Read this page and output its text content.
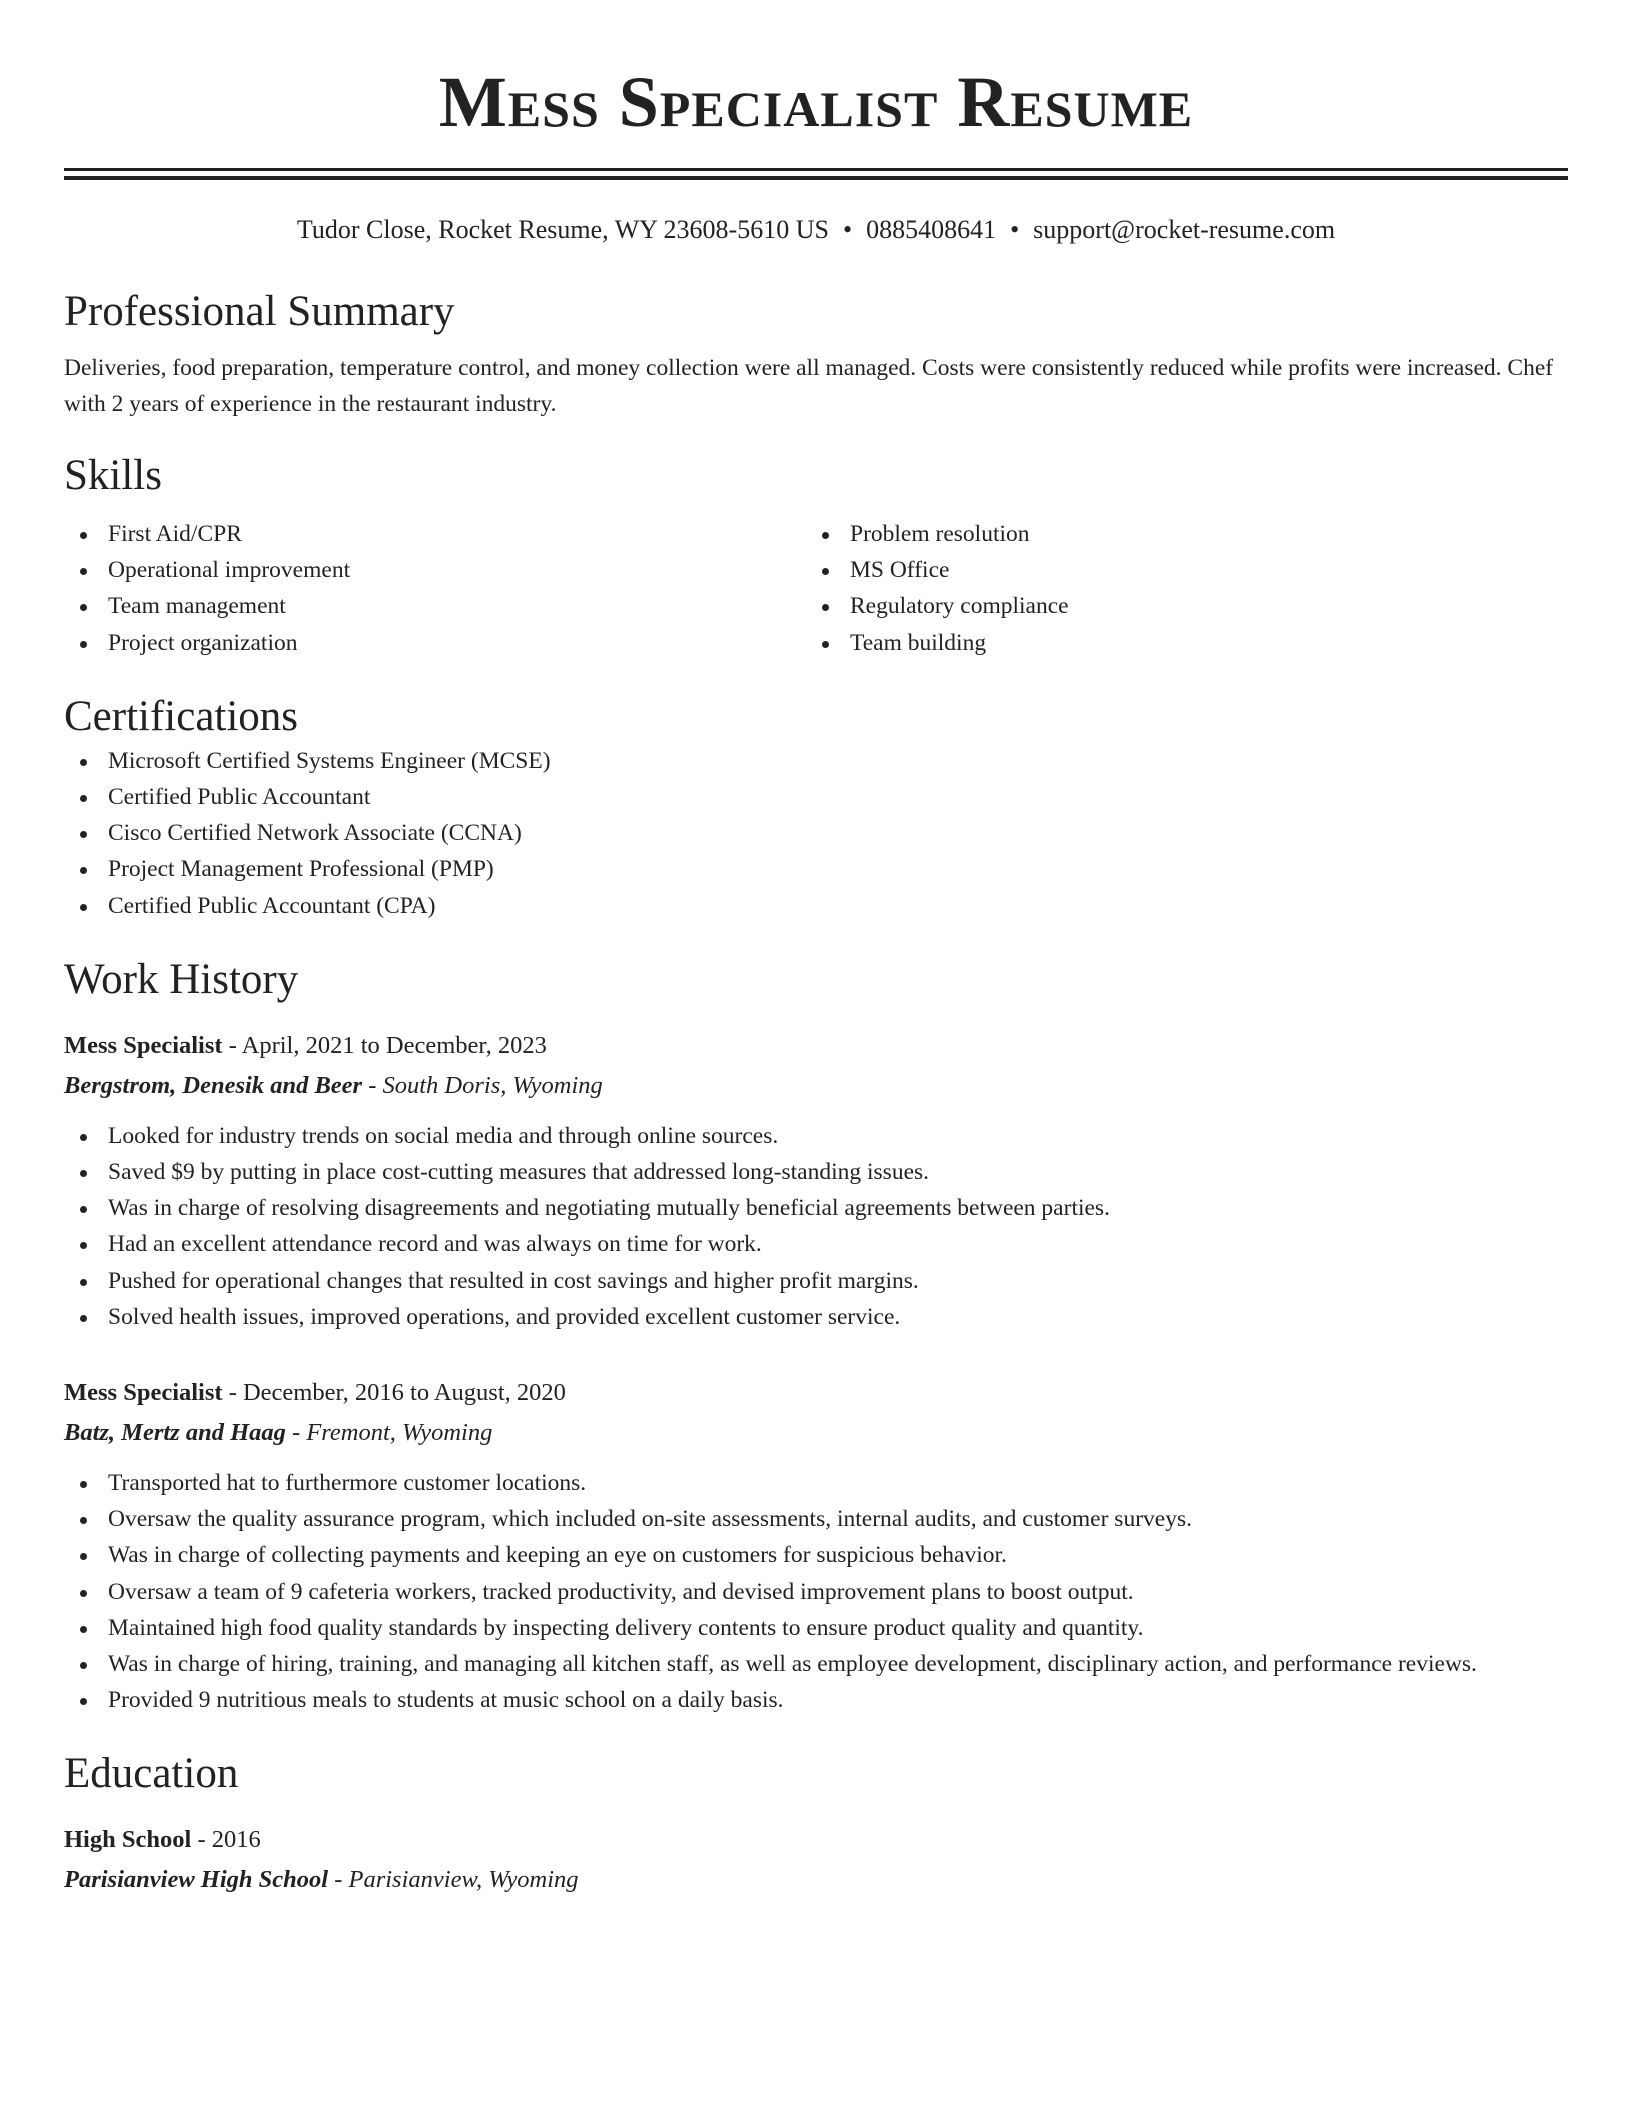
Mess Specialist Resume
Tudor Close, Rocket Resume, WY 23608-5610 US • 0885408641 • support@rocket-resume.com
Professional Summary

Deliveries, food preparation, temperature control, and money collection were all managed. Costs were consistently reduced while profits were increased. Chef with 2 years of experience in the restaurant industry.

Skills
First Aid/CPR
Operational improvement
Team management
Project organization
Problem resolution
MS Office
Regulatory compliance
Team building
Certifications
Microsoft Certified Systems Engineer (MCSE)
Certified Public Accountant
Cisco Certified Network Associate (CCNA)
Project Management Professional (PMP)
Certified Public Accountant (CPA)
Work History
Mess Specialist - April, 2021 to December, 2023
Bergstrom, Denesik and Beer - South Doris, Wyoming
Looked for industry trends on social media and through online sources.
Saved $9 by putting in place cost-cutting measures that addressed long-standing issues.
Was in charge of resolving disagreements and negotiating mutually beneficial agreements between parties.
Had an excellent attendance record and was always on time for work.
Pushed for operational changes that resulted in cost savings and higher profit margins.
Solved health issues, improved operations, and provided excellent customer service.
Mess Specialist - December, 2016 to August, 2020
Batz, Mertz and Haag - Fremont, Wyoming
Transported hat to furthermore customer locations.
Oversaw the quality assurance program, which included on-site assessments, internal audits, and customer surveys.
Was in charge of collecting payments and keeping an eye on customers for suspicious behavior.
Oversaw a team of 9 cafeteria workers, tracked productivity, and devised improvement plans to boost output.
Maintained high food quality standards by inspecting delivery contents to ensure product quality and quantity.
Was in charge of hiring, training, and managing all kitchen staff, as well as employee development, disciplinary action, and performance reviews.
Provided 9 nutritious meals to students at music school on a daily basis.
Education
High School - 2016
Parisianview High School - Parisianview, Wyoming
